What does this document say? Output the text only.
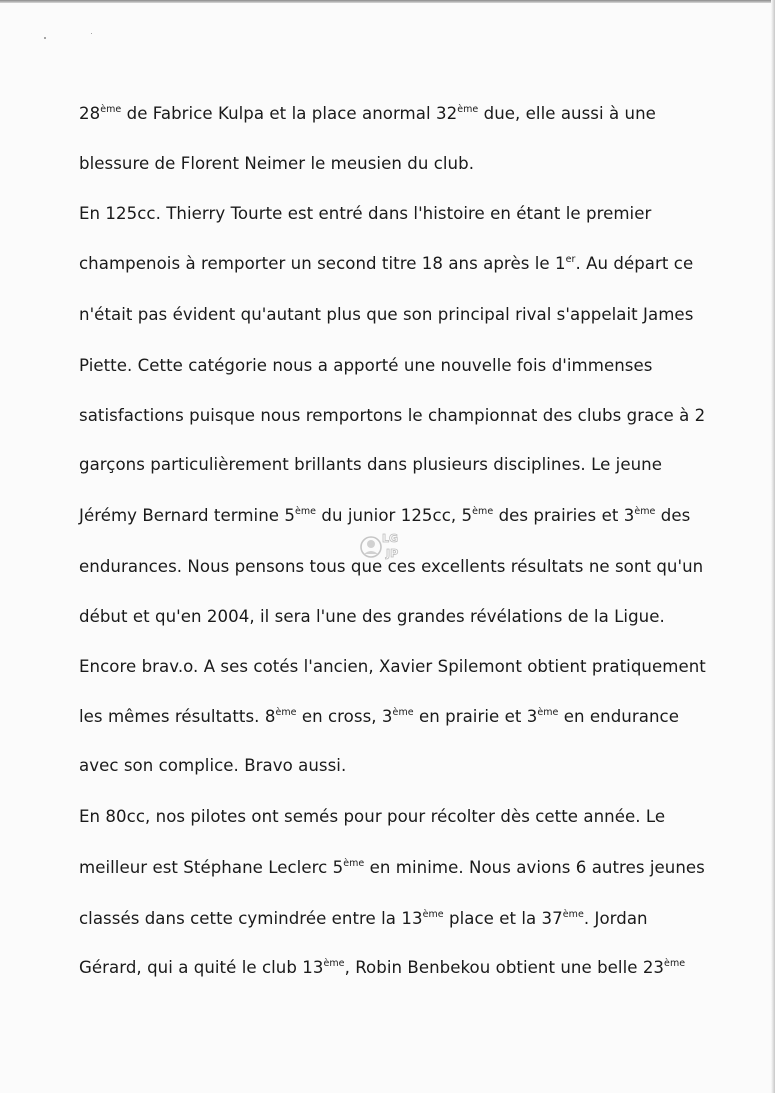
28ème de Fabrice Kulpa et la place anormal 32ème due, elle aussi à une
blessure de Florent Neimer le meusien du club.
En 125cc. Thierry Tourte est entré dans l'histoire en étant le premier
champenois à remporter un second titre 18 ans après le 1er. Au départ ce
n'était pas évident qu'autant plus que son principal rival s'appelait James
Piette. Cette catégorie nous a apporté une nouvelle fois d'immenses
satisfactions puisque nous remportons le championnat des clubs grace à 2
garçons particulièrement brillants dans plusieurs disciplines. Le jeune
Jérémy Bernard termine 5ème du junior 125cc, 5ème des prairies et 3ème des
endurances. Nous pensons tous que ces excellents résultats ne sont qu'un
début et qu'en 2004, il sera l'une des grandes révélations de la Ligue.
Encore brav.o. A ses cotés l'ancien, Xavier Spilemont obtient pratiquement
les mêmes résultatts. 8ème en cross, 3ème en prairie et 3ème en endurance
avec son complice. Bravo aussi.
En 80cc, nos pilotes ont semés pour pour récolter dès cette année. Le
meilleur est Stéphane Leclerc 5ème en minime. Nous avions 6 autres jeunes
classés dans cette cymindrée entre la 13ème place et la 37ème. Jordan
Gérard, qui a quité le club 13ème, Robin Benbekou obtient une belle 23ème
LG
JP
